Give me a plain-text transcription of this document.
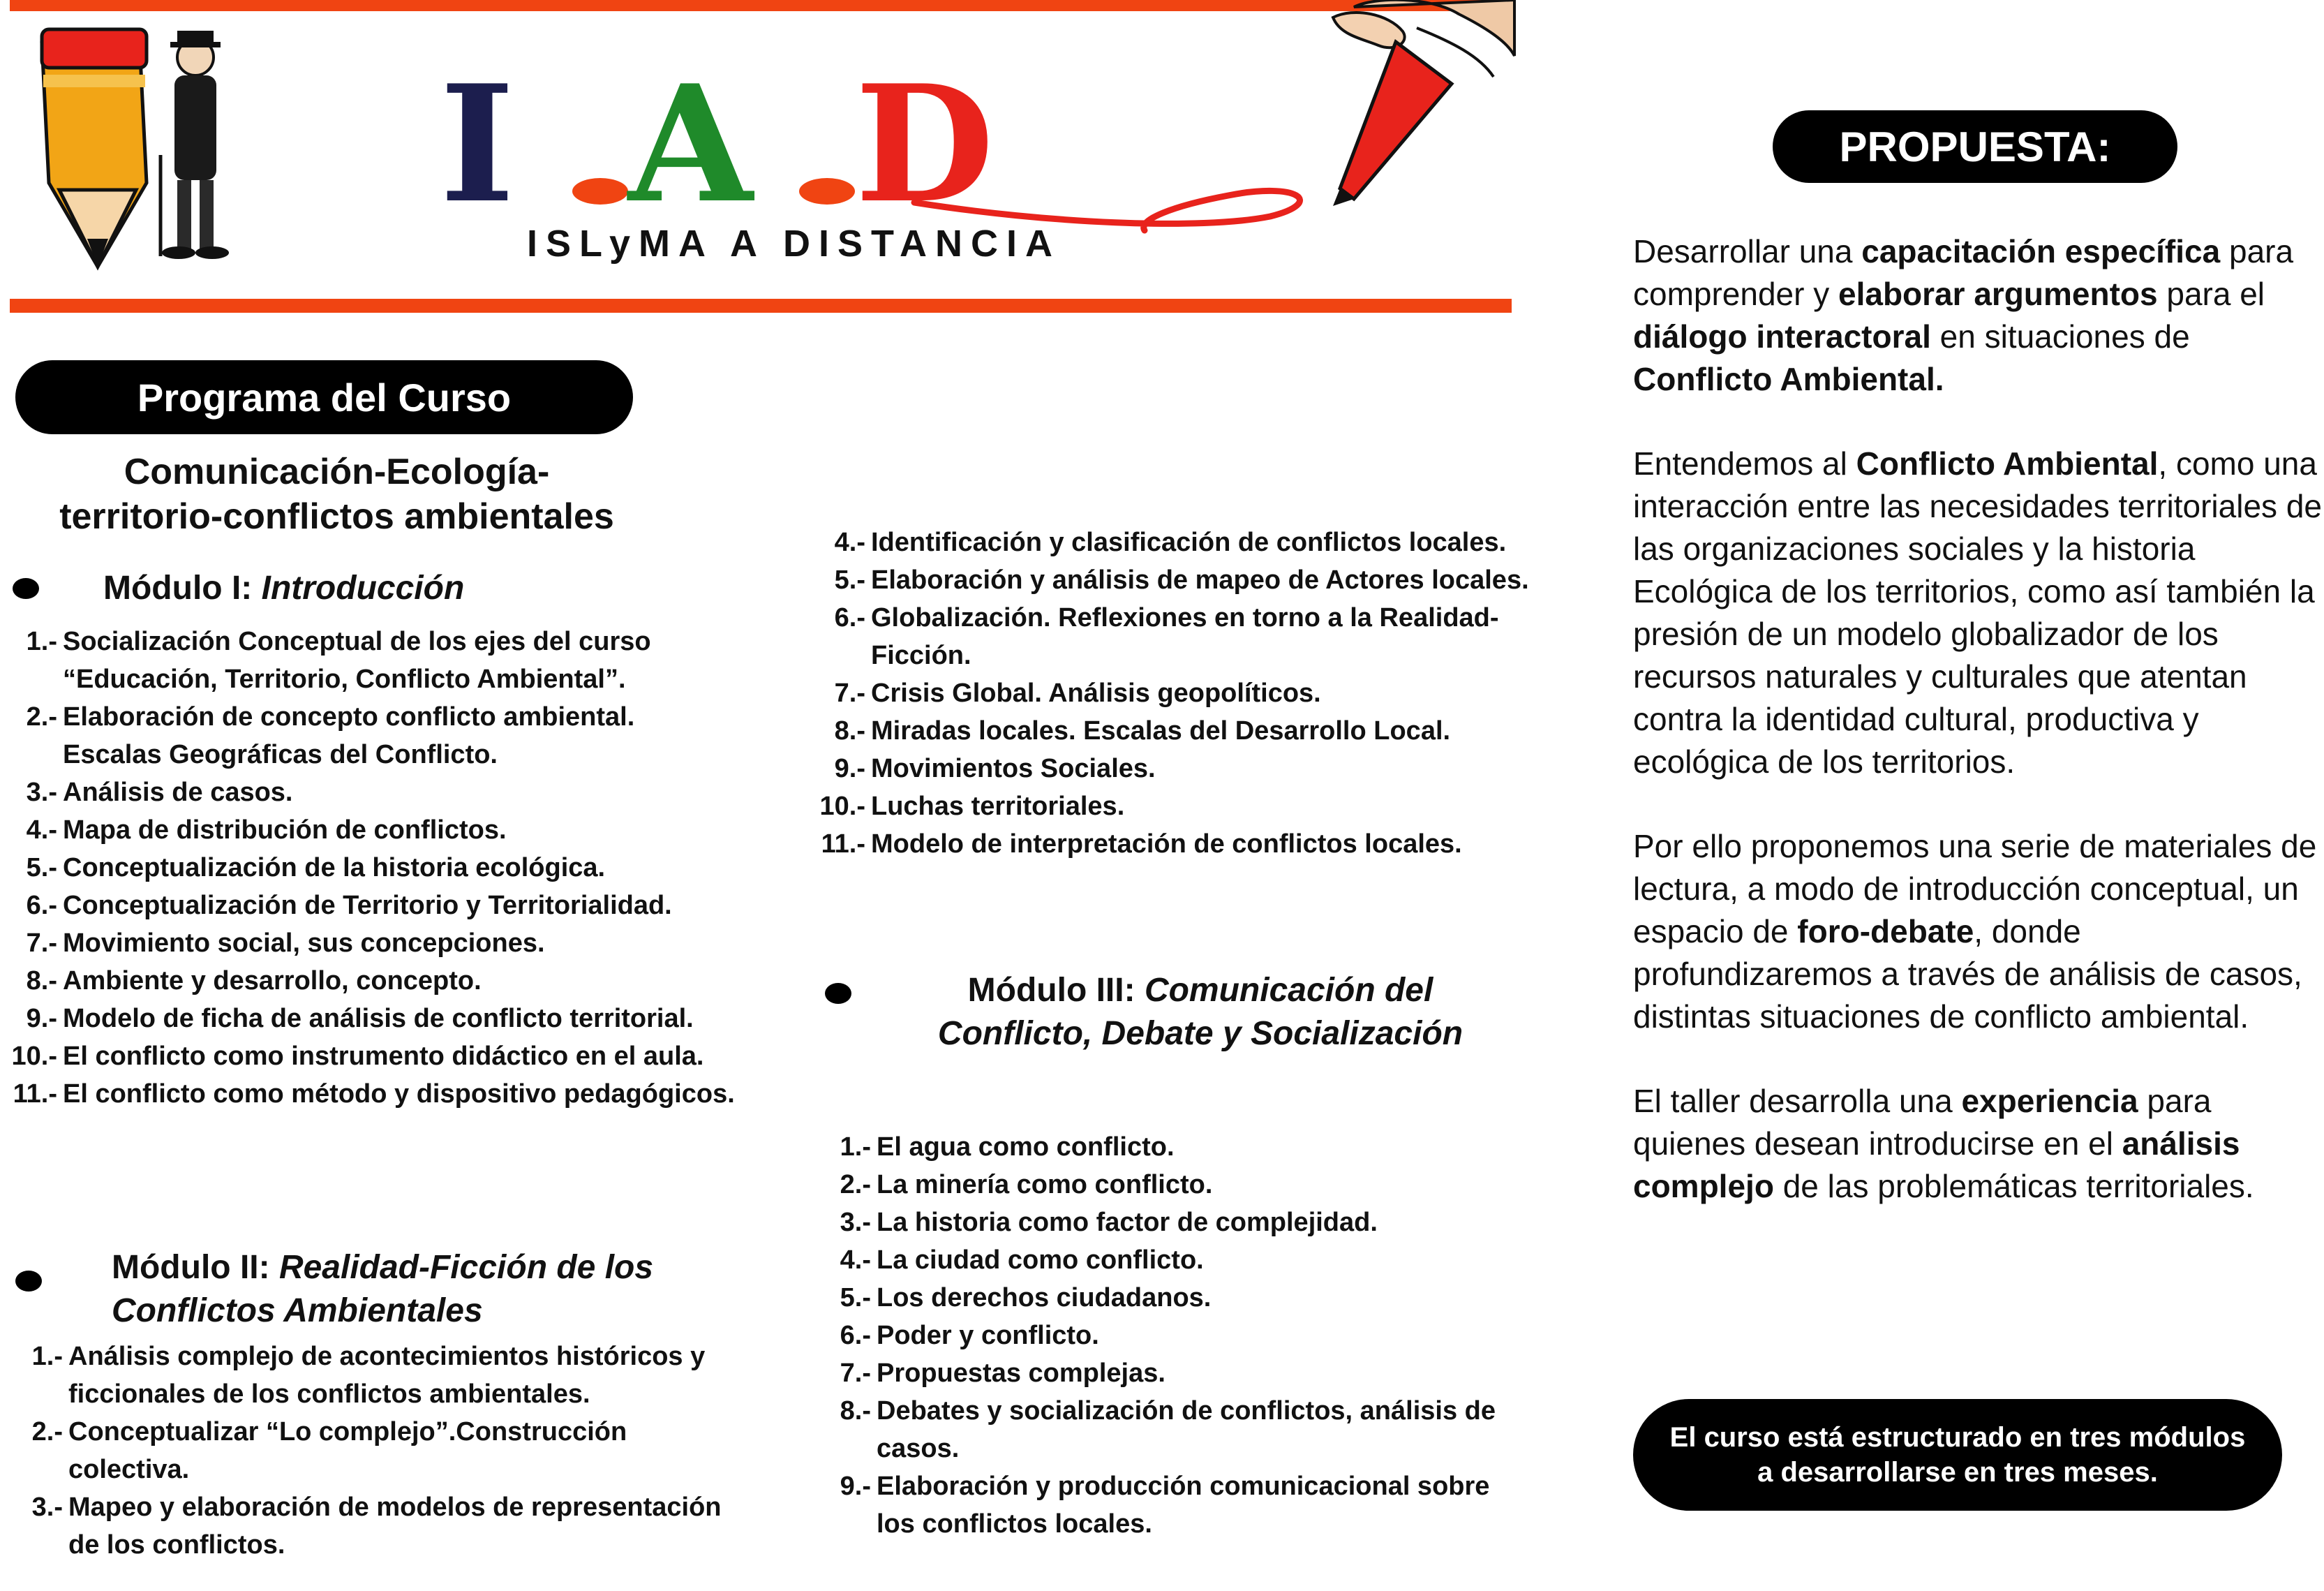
I A D
ISLyMA A DISTANCIA
Programa del Curso
Comunicación-Ecología-
territorio-conflictos ambientales
Módulo I: Introducción
1.- Socialización Conceptual de los ejes del curso “Educación, Territorio, Conflicto Ambiental”.
2.- Elaboración de concepto conflicto ambiental. Escalas Geográficas del Conflicto.
3.- Análisis de casos.
4.- Mapa de distribución de conflictos.
5.- Conceptualización de la historia ecológica.
6.- Conceptualización de Territorio y Territorialidad.
7.- Movimiento social, sus concepciones.
8.- Ambiente y desarrollo, concepto.
9.- Modelo de ficha de análisis de conflicto territorial.
10.- El conflicto como instrumento didáctico en el aula.
11.- El conflicto como método y dispositivo pedagógicos.
Módulo II: Realidad-Ficción de los
Conflictos Ambientales
1.- Análisis complejo de acontecimientos históricos y ficcionales de los conflictos ambientales.
2.- Conceptualizar “Lo complejo”.Construcción colectiva.
3.- Mapeo y elaboración de modelos de representación de los conflictos.
4.- Identificación y clasificación de conflictos locales.
5.- Elaboración y análisis de mapeo de Actores locales.
6.- Globalización. Reflexiones en torno a la Realidad-Ficción.
7.- Crisis Global. Análisis geopolíticos.
8.- Miradas locales. Escalas del Desarrollo Local.
9.- Movimientos Sociales.
10.- Luchas territoriales.
11.- Modelo de interpretación de conflictos locales.
Módulo III: Comunicación del
Conflicto, Debate y Socialización
1.- El agua como conflicto.
2.- La minería como conflicto.
3.- La historia como factor de complejidad.
4.- La ciudad como conflicto.
5.- Los derechos ciudadanos.
6.- Poder y conflicto.
7.- Propuestas complejas.
8.- Debates y socialización de conflictos, análisis de casos.
9.- Elaboración y producción comunicacional sobre los conflictos locales.
PROPUESTA:

Desarrollar una capacitación específica para comprender y elaborar argumentos para el diálogo interactoral en situaciones de Conflicto Ambiental.

Entendemos al Conflicto Ambiental, como una interacción entre las necesidades territoriales de las organizaciones sociales y la historia Ecológica de los territorios, como así también la presión de un modelo globalizador de los recursos naturales y culturales que atentan contra la identidad cultural, productiva y ecológica de los territorios.

Por ello proponemos una serie de materiales de lectura, a modo de introducción conceptual, un espacio de foro-debate, donde profundizaremos a través de análisis de casos, distintas situaciones de conflicto ambiental.

El taller desarrolla una experiencia para quienes desean introducirse en el análisis complejo de las problemáticas territoriales.

El curso está estructurado en tres módulos
a desarrollarse en tres meses.
